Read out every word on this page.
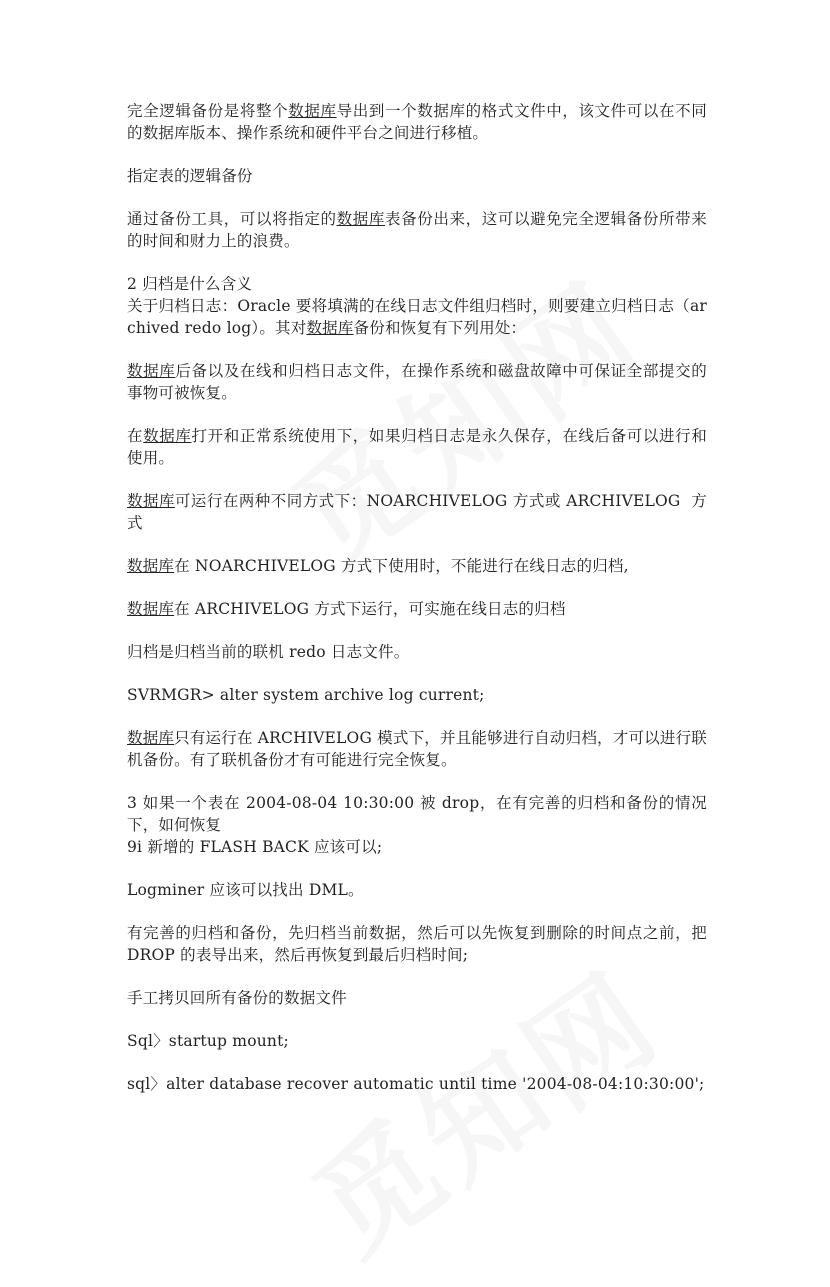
完全逻辑备份是将整个数据库导出到一个数据库的格式文件中，该文件可以在不同的数据库版本、操作系统和硬件平台之间进行移植。

指定表的逻辑备份

通过备份工具，可以将指定的数据库表备份出来，这可以避免完全逻辑备份所带来的时间和财力上的浪费。

2 归档是什么含义

关于归档日志：Oracle 要将填满的在线日志文件组归档时，则要建立归档日志（archived redo log）。其对数据库备份和恢复有下列用处：

数据库后备以及在线和归档日志文件，在操作系统和磁盘故障中可保证全部提交的事物可被恢复。

在数据库打开和正常系统使用下，如果归档日志是永久保存，在线后备可以进行和使用。

数据库可运行在两种不同方式下：NOARCHIVELOG 方式或 ARCHIVELOG  方式

数据库在 NOARCHIVELOG 方式下使用时，不能进行在线日志的归档,

数据库在 ARCHIVELOG 方式下运行，可实施在线日志的归档

归档是归档当前的联机 redo 日志文件。

SVRMGR> alter system archive log current;

数据库只有运行在 ARCHIVELOG 模式下，并且能够进行自动归档，才可以进行联机备份。有了联机备份才有可能进行完全恢复。

3 如果一个表在 2004-08-04 10:30:00 被 drop，在有完善的归档和备份的情况下，如何恢复

9i 新增的 FLASH BACK 应该可以;

Logminer 应该可以找出 DML。

有完善的归档和备份，先归档当前数据，然后可以先恢复到删除的时间点之前，把 DROP 的表导出来，然后再恢复到最后归档时间;

手工拷贝回所有备份的数据文件

Sql〉startup mount;

sql〉alter database recover automatic until time '2004-08-04:10:30:00';
